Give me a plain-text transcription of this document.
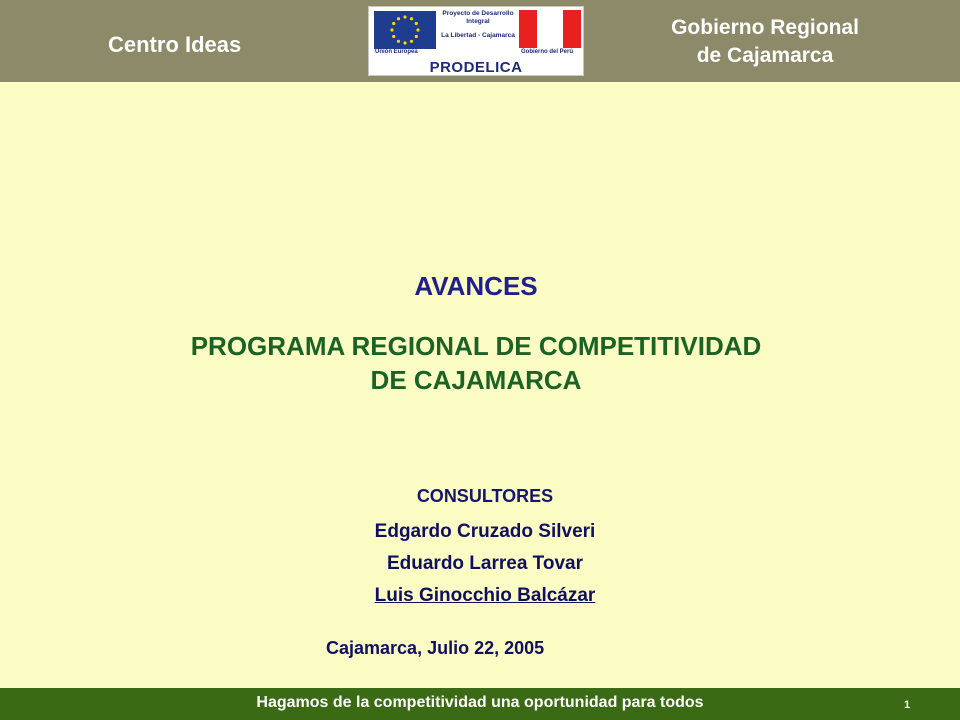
Centro Ideas
Proyecto de Desarrollo
Integral
La Libertad - Cajamarca
Unión Europea	Gobierno del Perú
PRODELICA
Gobierno Regional
de Cajamarca
AVANCES
PROGRAMA REGIONAL DE COMPETITIVIDAD
DE CAJAMARCA
CONSULTORES
Edgardo Cruzado Silveri
Eduardo Larrea Tovar
Luis Ginocchio Balcázar
Cajamarca, Julio 22, 2005
Hagamos de la competitividad una oportunidad para todos	1
